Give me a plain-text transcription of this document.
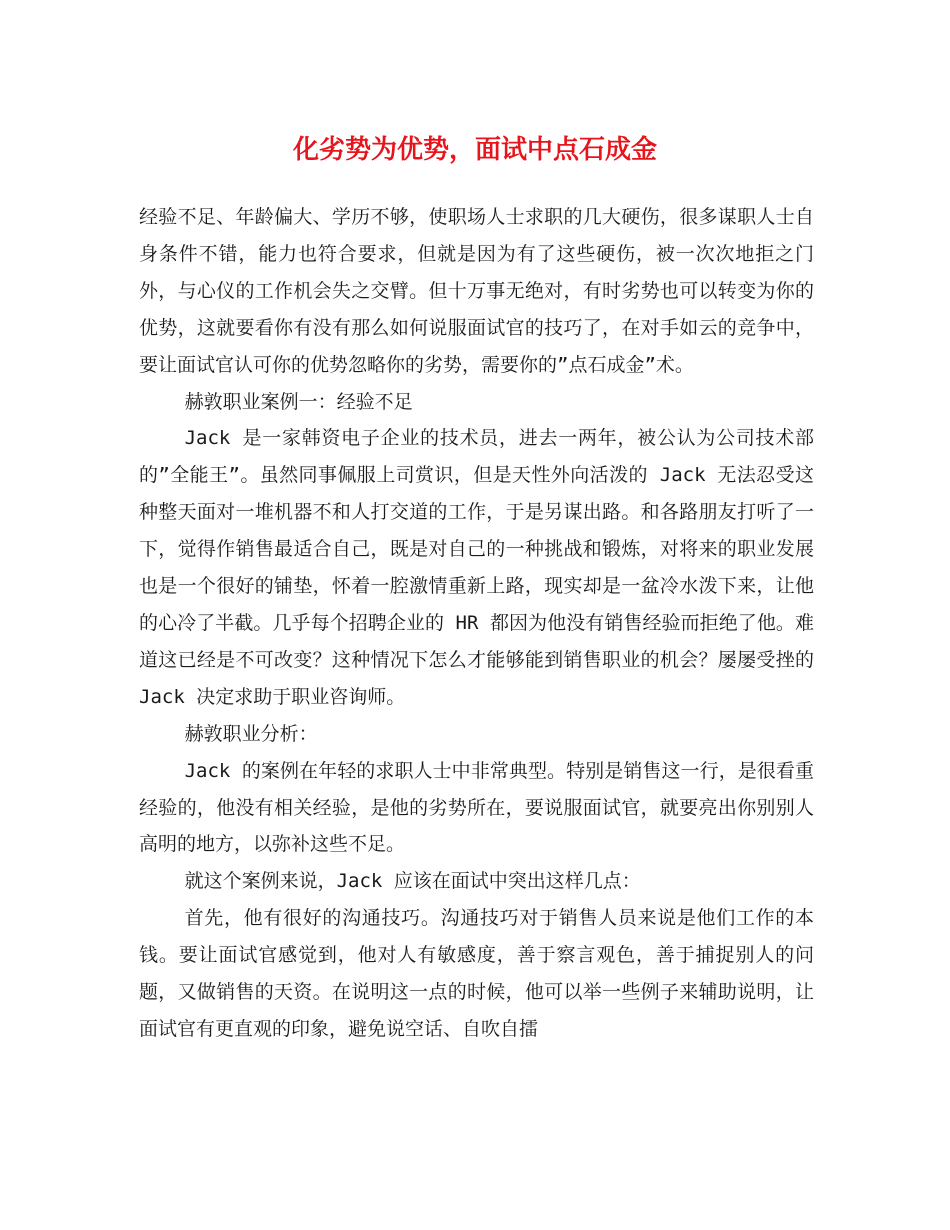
化劣势为优势，面试中点石成金

经验不足、年龄偏大、学历不够，使职场人士求职的几大硬伤，很多谋职人士自身条件不错，能力也符合要求，但就是因为有了这些硬伤，被一次次地拒之门外，与心仪的工作机会失之交臂。但十万事无绝对，有时劣势也可以转变为你的优势，这就要看你有没有那么如何说服面试官的技巧了，在对手如云的竞争中，要让面试官认可你的优势忽略你的劣势，需要你的”点石成金”术。

赫敦职业案例一：经验不足

Jack 是一家韩资电子企业的技术员，进去一两年，被公认为公司技术部的”全能王”。虽然同事佩服上司赏识，但是天性外向活泼的 Jack 无法忍受这种整天面对一堆机器不和人打交道的工作，于是另谋出路。和各路朋友打听了一下，觉得作销售最适合自己，既是对自己的一种挑战和锻炼，对将来的职业发展也是一个很好的铺垫，怀着一腔激情重新上路，现实却是一盆冷水泼下来，让他的心冷了半截。几乎每个招聘企业的 HR 都因为他没有销售经验而拒绝了他。难道这已经是不可改变？这种情况下怎么才能够能到销售职业的机会？屡屡受挫的 Jack 决定求助于职业咨询师。

赫敦职业分析：

Jack 的案例在年轻的求职人士中非常典型。特别是销售这一行，是很看重经验的，他没有相关经验，是他的劣势所在，要说服面试官，就要亮出你别别人高明的地方，以弥补这些不足。

就这个案例来说，Jack 应该在面试中突出这样几点：

首先，他有很好的沟通技巧。沟通技巧对于销售人员来说是他们工作的本钱。要让面试官感觉到，他对人有敏感度，善于察言观色，善于捕捉别人的问题，又做销售的天资。在说明这一点的时候，他可以举一些例子来辅助说明，让面试官有更直观的印象，避免说空话、自吹自擂
